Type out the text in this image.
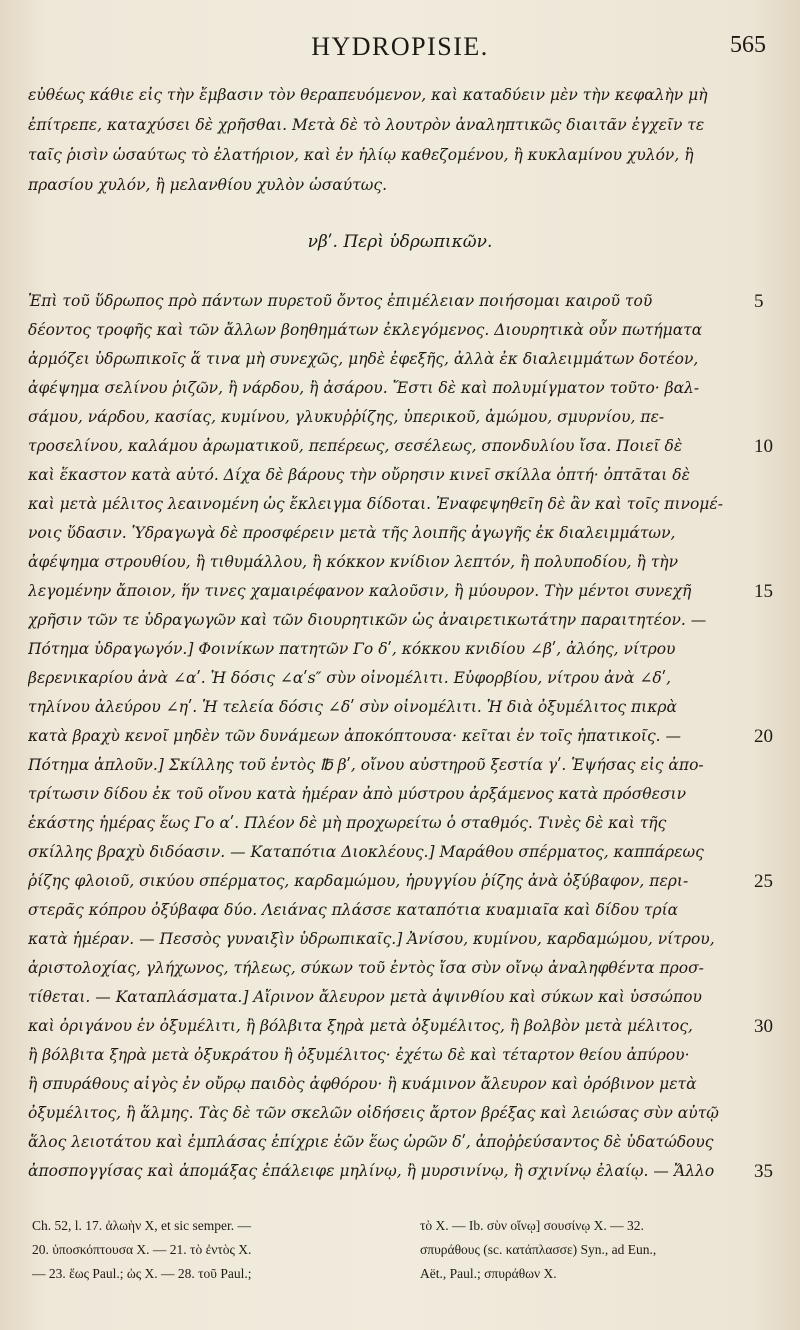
HYDROPISIE.	565
εὐθέως κάθιε εἰς τὴν ἔμβασιν τὸν θεραπευόμενον, καὶ καταδύειν μὲν τὴν κεφαλὴν μὴ
ἐπίτρεπε, καταχύσει δὲ χρῆσθαι. Μετὰ δὲ τὸ λουτρὸν ἀναληπτικῶς διαιτᾶν ἐγχεῖν τε
ταῖς ῥισὶν ὡσαύτως τὸ ἐλατήριον, καὶ ἐν ἡλίῳ καθεζομένου, ἢ κυκλαμίνου χυλόν, ἢ
πρασίου χυλόν, ἢ μελανθίου χυλὸν ὡσαύτως.
νβʹ. Περὶ ὑδρωπικῶν.
Ἐπὶ τοῦ ὕδρωπος πρὸ πάντων πυρετοῦ ὄντος ἐπιμέλειαν ποιήσομαι καιροῦ τοῦ
δέοντος τροφῆς καὶ τῶν ἄλλων βοηθημάτων ἐκλεγόμενος. Διουρητικὰ οὖν πωτήματα
ἁρμόζει ὑδρωπικοῖς ἅ τινα μὴ συνεχῶς, μηδὲ ἐφεξῆς, ἀλλὰ ἐκ διαλειμμάτων δοτέον,
ἀφέψημα σελίνου ῥιζῶν, ἢ νάρδου, ἢ ἀσάρου. Ἔστι δὲ καὶ πολυμίγματον τοῦτο· βαλ-
σάμου, νάρδου, κασίας, κυμίνου, γλυκυῤῥίζης, ὑπερικοῦ, ἀμώμου, σμυρνίου, πε-
τροσελίνου, καλάμου ἀρωματικοῦ, πεπέρεως, σεσέλεως, σπονδυλίου ἴσα. Ποιεῖ δὲ
καὶ ἕκαστον κατὰ αὐτό. Δίχα δὲ βάρους τὴν οὔρησιν κινεῖ σκίλλα ὀπτή· ὀπτᾶται δὲ
καὶ μετὰ μέλιτος λεαινομένη ὡς ἔκλειγμα δίδοται. Ἐναφεψηθεῖη δὲ ἂν καὶ τοῖς πινομέ-
νοις ὕδασιν. Ὑδραγωγὰ δὲ προσφέρειν μετὰ τῆς λοιπῆς ἀγωγῆς ἐκ διαλειμμάτων,
ἀφέψημα στρουθίου, ἢ τιθυμάλλου, ἢ κόκκον κνίδιον λεπτόν, ἢ πολυποδίου, ἢ τὴν
λεγομένην ἄποιον, ἥν τινες χαμαιρέφανον καλοῦσιν, ἢ μύουρον. Τὴν μέντοι συνεχῆ
χρῆσιν τῶν τε ὑδραγωγῶν καὶ τῶν διουρητικῶν ὡς ἀναιρετικωτάτην παραιτητέον. —
Πότημα ὑδραγωγόν.] Φοινίκων πατητῶν Γο δʹ, κόκκου κνιδίου ∠βʹ, ἀλόης, νίτρου
βερενικαρίου ἀνὰ ∠αʹ. Ἡ δόσις ∠αʹs″ σὺν οἰνομέλιτι. Εὐφορβίου, νίτρου ἀνὰ ∠δʹ,
τηλίνου ἀλεύρου ∠ηʹ. Ἡ τελεία δόσις ∠δʹ σὺν οἰνομέλιτι. Ἡ διὰ ὀξυμέλιτος πικρὰ
κατὰ βραχὺ κενοῖ μηδὲν τῶν δυνάμεων ἀποκόπτουσα· κεῖται ἐν τοῖς ἠπατικοῖς. —
Πότημα ἁπλοῦν.] Σκίλλης τοῦ ἐντὸς ℔ βʹ, οἴνου αὐστηροῦ ξεστία γʹ. Ἑψήσας εἰς ἀπο-
τρίτωσιν δίδου ἐκ τοῦ οἴνου κατὰ ἡμέραν ἀπὸ μύστρου ἀρξάμενος κατὰ πρόσθεσιν
ἑκάστης ἡμέρας ἕως Γο αʹ. Πλέον δὲ μὴ προχωρείτω ὁ σταθμός. Τινὲς δὲ καὶ τῆς
σκίλλης βραχὺ διδόασιν. — Καταπότια Διοκλέους.] Μαράθου σπέρματος, καππάρεως
ῥίζης φλοιοῦ, σικύου σπέρματος, καρδαμώμου, ἠρυγγίου ῥίζης ἀνὰ ὀξύβαφον, περι-
στερᾶς κόπρου ὀξύβαφα δύο. Λειάνας πλάσσε καταπότια κυαμιαῖα καὶ δίδου τρία
κατὰ ἡμέραν. — Πεσσὸς γυναιξὶν ὑδρωπικαῖς.] Ἀνίσου, κυμίνου, καρδαμώμου, νίτρου,
ἀριστολοχίας, γλήχωνος, τήλεως, σύκων τοῦ ἐντὸς ἴσα σὺν οἴνῳ ἀναληφθέντα προσ-
τίθεται. — Καταπλάσματα.] Αἴρινον ἄλευρον μετὰ ἀψινθίου καὶ σύκων καὶ ὑσσώπου
καὶ ὀριγάνου ἐν ὀξυμέλιτι, ἢ βόλβιτα ξηρὰ μετὰ ὀξυμέλιτος, ἢ βολβὸν μετὰ μέλιτος,
ἢ βόλβιτα ξηρὰ μετὰ ὀξυκράτου ἢ ὀξυμέλιτος· ἐχέτω δὲ καὶ τέταρτον θείου ἀπύρου·
ἢ σπυράθους αἰγὸς ἐν οὔρῳ παιδὸς ἀφθόρου· ἢ κυάμινον ἄλευρον καὶ ὀρόβινον μετὰ
ὀξυμέλιτος, ἢ ἅλμης. Τὰς δὲ τῶν σκελῶν οἰδήσεις ἄρτον βρέξας καὶ λειώσας σὺν αὐτῷ
ἅλος λειοτάτου καὶ ἐμπλάσας ἐπίχριε ἐῶν ἕως ὡρῶν δʹ, ἀποῤῥεύσαντος δὲ ὑδατώδους
ἀποσπογγίσας καὶ ἀπομάξας ἐπάλειφε μηλίνῳ, ἢ μυρσινίνῳ, ἢ σχινίνῳ ἐλαίῳ. — Ἄλλο
5
10
15
20
25
30
35
Ch. 52, l. 17. ἀλωὴν X, et sic semper. —
20. ὑποσκόπτουσα X. — 21. τὸ ἐντὸς X.
— 23. ἕως Paul.; ὡς X. — 28. τοῦ Paul.;
τὸ X. — Ib. σὺν οἴνῳ] σουσίνῳ X. — 32.
σπυράθους (sc. κατάπλασσε) Syn., ad Eun.,
Aët., Paul.; σπυράθων X.
